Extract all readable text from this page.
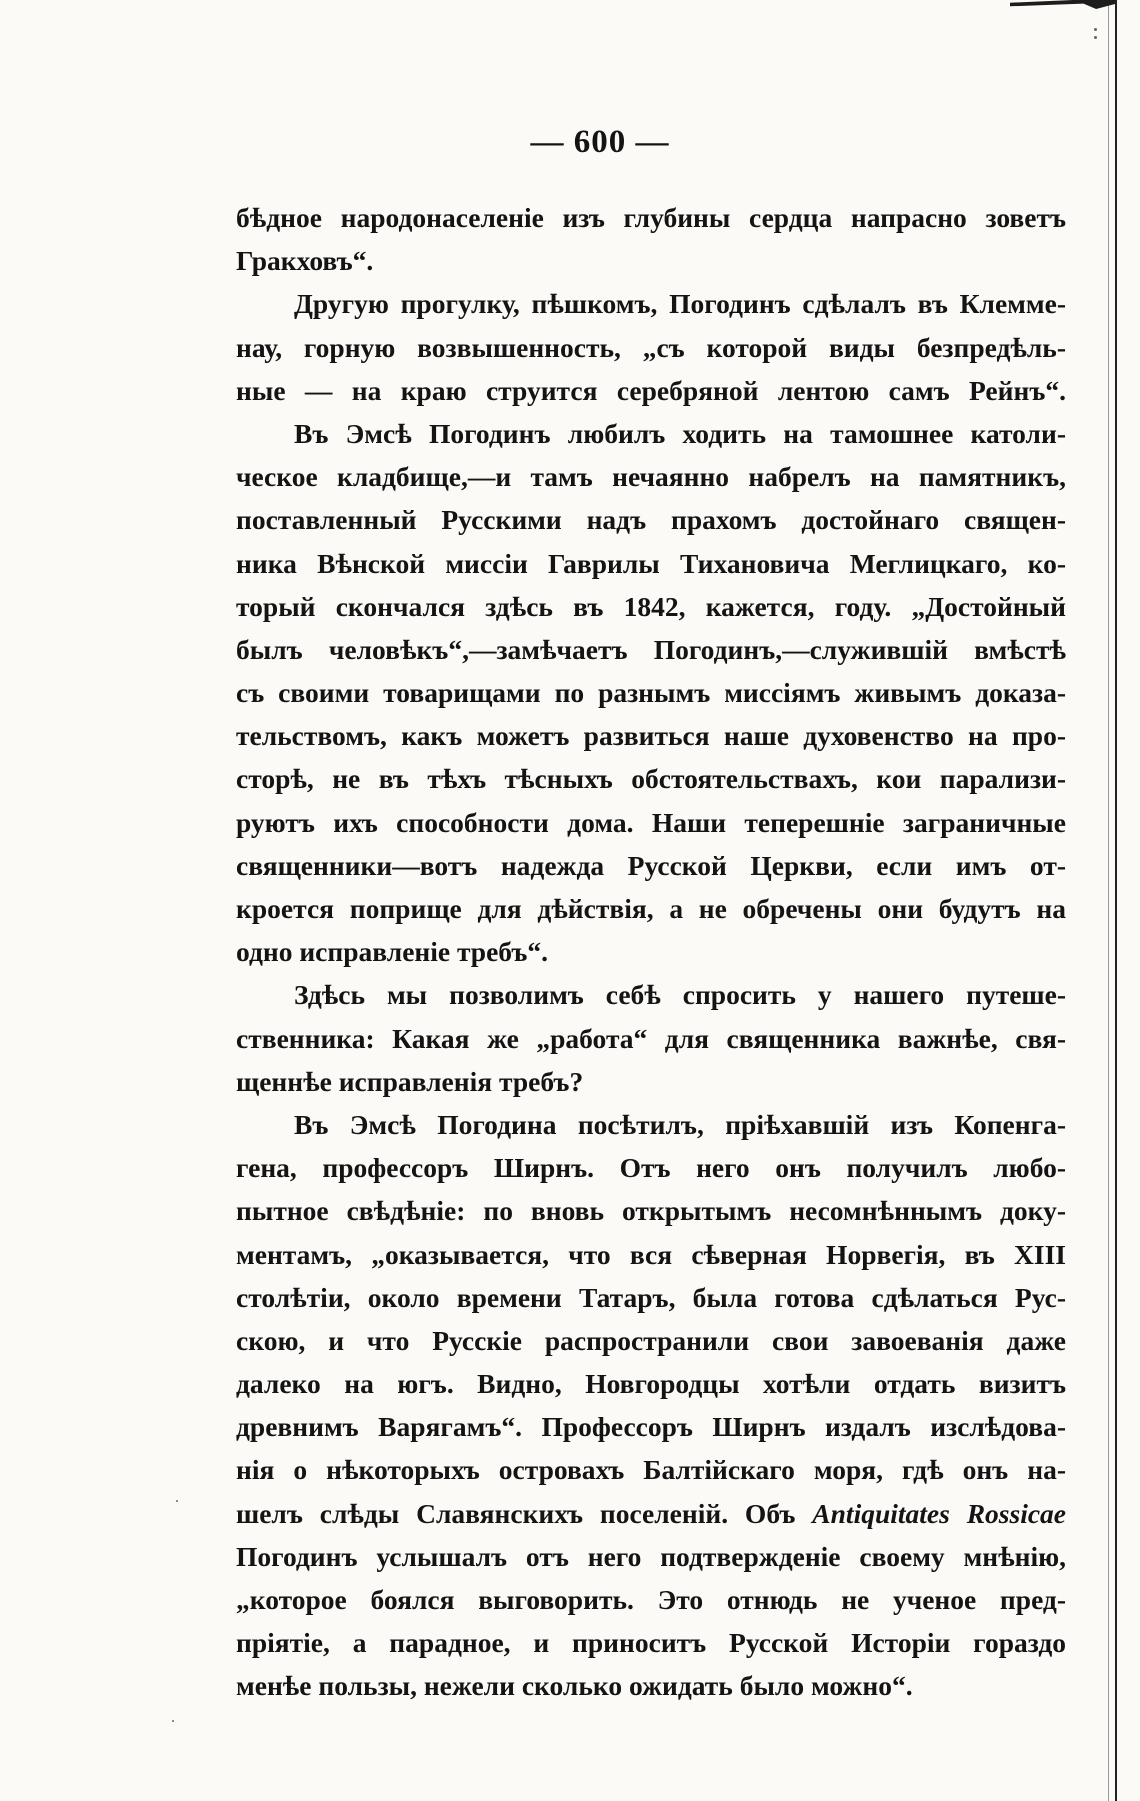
— 600 —
бѣдное народонаселеніе изъ глубины сердца напрасно зоветъ
Гракховъ“.
Другую прогулку, пѣшкомъ, Погодинъ сдѣлалъ въ Клемме-
нау, горную возвышенность, „съ которой виды безпредѣль-
ные — на краю струится серебряной лентою самъ Рейнъ“.
Въ Эмсѣ Погодинъ любилъ ходить на тамошнее католи-
ческое кладбище,—и тамъ нечаянно набрелъ на памятникъ,
поставленный Русскими надъ прахомъ достойнаго священ-
ника Вѣнской миссіи Гаврилы Тихановича Меглицкаго, ко-
торый скончался здѣсь въ 1842, кажется, году. „Достойный
былъ человѣкъ“,—замѣчаетъ Погодинъ,—служившій вмѣстѣ
съ своими товарищами по разнымъ миссіямъ живымъ доказа-
тельствомъ, какъ можетъ развиться наше духовенство на про-
сторѣ, не въ тѣхъ тѣсныхъ обстоятельствахъ, кои парализи-
руютъ ихъ способности дома. Наши теперешніе заграничные
священники—вотъ надежда Русской Церкви, если имъ от-
кроется поприще для дѣйствія, а не обречены они будутъ на
одно исправленіе требъ“.
Здѣсь мы позволимъ себѣ спросить у нашего путеше-
ственника: Какая же „работа“ для священника важнѣе, свя-
щеннѣе исправленія требъ?
Въ Эмсѣ Погодина посѣтилъ, пріѣхавшій изъ Копенга-
гена, профессоръ Ширнъ. Отъ него онъ получилъ любо-
пытное свѣдѣніе: по вновь открытымъ несомнѣннымъ доку-
ментамъ, „оказывается, что вся сѣверная Норвегія, въ XIII
столѣтіи, около времени Татаръ, была готова сдѣлаться Рус-
скою, и что Русскіе распространили свои завоеванія даже
далеко на югъ. Видно, Новгородцы хотѣли отдать визитъ
древнимъ Варягамъ“. Профессоръ Ширнъ издалъ изслѣдова-
нія о нѣкоторыхъ островахъ Балтійскаго моря, гдѣ онъ на-
шелъ слѣды Славянскихъ поселеній. Объ Antiquitates Rossicae
Погодинъ услышалъ отъ него подтвержденіе своему мнѣнію,
„которое боялся выговорить. Это отнюдь не ученое пред-
пріятіе, а парадное, и приноситъ Русской Исторіи гораздо
менѣе пользы, нежели сколько ожидать было можно“.
